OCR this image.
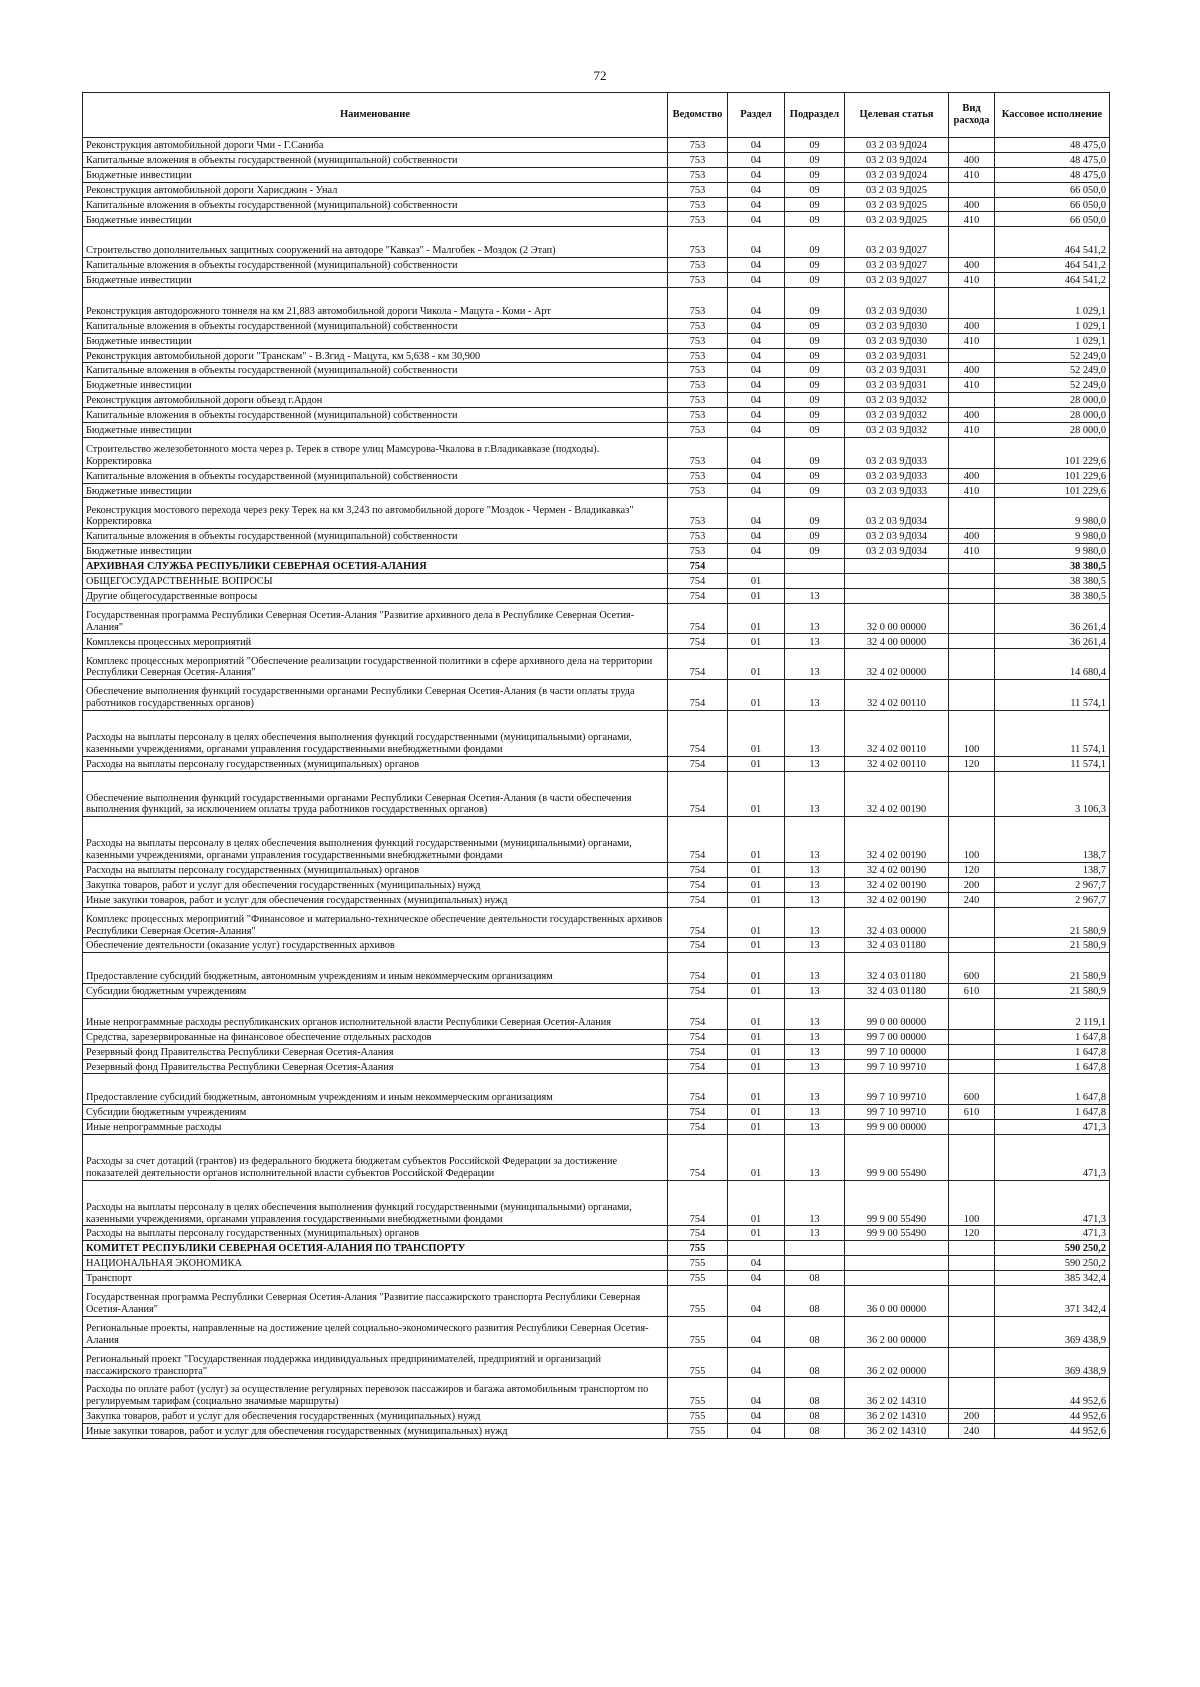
72
Наименование	Ведомство	Раздел	Подраздел	Целевая статья	Вид расхода	Кассовое исполнение
Реконструкция автомобильной дороги Чми - Г.Саниба	753	04	09	03 2 03 9Д024		48 475,0
Капитальные вложения в объекты государственной (муниципальной) собственности	753	04	09	03 2 03 9Д024	400	48 475,0
Бюджетные инвестиции	753	04	09	03 2 03 9Д024	410	48 475,0
Реконструкция автомобильной дороги Харисджин - Унал	753	04	09	03 2 03 9Д025		66 050,0
Капитальные вложения в объекты государственной (муниципальной) собственности	753	04	09	03 2 03 9Д025	400	66 050,0
Бюджетные инвестиции	753	04	09	03 2 03 9Д025	410	66 050,0
Строительство дополнительных защитных сооружений на автодоре "Кавказ" - Малгобек - Моздок (2 Этап)	753	04	09	03 2 03 9Д027		464 541,2
Капитальные вложения в объекты государственной (муниципальной) собственности	753	04	09	03 2 03 9Д027	400	464 541,2
Бюджетные инвестиции	753	04	09	03 2 03 9Д027	410	464 541,2
Реконструкция автодорожного тоннеля на км 21,883 автомобильной дороги Чикола - Мацута - Коми - Арт	753	04	09	03 2 03 9Д030		1 029,1
Капитальные вложения в объекты государственной (муниципальной) собственности	753	04	09	03 2 03 9Д030	400	1 029,1
Бюджетные инвестиции	753	04	09	03 2 03 9Д030	410	1 029,1
Реконструкция автомобильной дороги "Транскам" - В.Згид - Мацута, км 5,638 - км 30,900	753	04	09	03 2 03 9Д031		52 249,0
Капитальные вложения в объекты государственной (муниципальной) собственности	753	04	09	03 2 03 9Д031	400	52 249,0
Бюджетные инвестиции	753	04	09	03 2 03 9Д031	410	52 249,0
Реконструкция автомобильной дороги объезд г.Ардон	753	04	09	03 2 03 9Д032		28 000,0
Капитальные вложения в объекты государственной (муниципальной) собственности	753	04	09	03 2 03 9Д032	400	28 000,0
Бюджетные инвестиции	753	04	09	03 2 03 9Д032	410	28 000,0
Строительство железобетонного моста через р. Терек в створе улиц Мамсурова-Чкалова в г.Владикавказе (подходы). Корректировка	753	04	09	03 2 03 9Д033		101 229,6
Капитальные вложения в объекты государственной (муниципальной) собственности	753	04	09	03 2 03 9Д033	400	101 229,6
Бюджетные инвестиции	753	04	09	03 2 03 9Д033	410	101 229,6
Реконструкция мостового перехода через реку Терек на км 3,243 по автомобильной дороге "Моздок - Чермен - Владикавказ" Корректировка	753	04	09	03 2 03 9Д034		9 980,0
Капитальные вложения в объекты государственной (муниципальной) собственности	753	04	09	03 2 03 9Д034	400	9 980,0
Бюджетные инвестиции	753	04	09	03 2 03 9Д034	410	9 980,0
АРХИВНАЯ СЛУЖБА РЕСПУБЛИКИ СЕВЕРНАЯ ОСЕТИЯ-АЛАНИЯ	754					38 380,5
ОБЩЕГОСУДАРСТВЕННЫЕ ВОПРОСЫ	754	01				38 380,5
Другие общегосударственные вопросы	754	01	13			38 380,5
Государственная программа Республики Северная Осетия-Алания "Развитие архивного дела в Республике Северная Осетия-Алания"	754	01	13	32 0 00 00000		36 261,4
Комплексы процессных мероприятий	754	01	13	32 4 00 00000		36 261,4
Комплекс процессных мероприятий "Обеспечение реализации государственной политики в сфере архивного дела на территории Республики Северная Осетия-Алания"	754	01	13	32 4 02 00000		14 680,4
Обеспечение выполнения функций государственными органами Республики Северная Осетия-Алания (в части оплаты труда работников государственных органов)	754	01	13	32 4 02 00110		11 574,1
Расходы на выплаты персоналу в целях обеспечения выполнения функций государственными (муниципальными) органами, казенными учреждениями, органами управления государственными внебюджетными фондами	754	01	13	32 4 02 00110	100	11 574,1
Расходы на выплаты персоналу государственных (муниципальных) органов	754	01	13	32 4 02 00110	120	11 574,1
Обеспечение выполнения функций государственными органами Республики Северная Осетия-Алания (в части обеспечения выполнения функций, за исключением оплаты труда работников государственных органов)	754	01	13	32 4 02 00190		3 106,3
Расходы на выплаты персоналу в целях обеспечения выполнения функций государственными (муниципальными) органами, казенными учреждениями, органами управления государственными внебюджетными фондами	754	01	13	32 4 02 00190	100	138,7
Расходы на выплаты персоналу государственных (муниципальных) органов	754	01	13	32 4 02 00190	120	138,7
Закупка товаров, работ и услуг для обеспечения государственных (муниципальных) нужд	754	01	13	32 4 02 00190	200	2 967,7
Иные закупки товаров, работ и услуг для обеспечения государственных (муниципальных) нужд	754	01	13	32 4 02 00190	240	2 967,7
Комплекс процессных мероприятий "Финансовое и материально-техническое обеспечение деятельности государственных архивов Республики Северная Осетия-Алания"	754	01	13	32 4 03 00000		21 580,9
Обеспечение деятельности (оказание услуг) государственных архивов	754	01	13	32 4 03 01180		21 580,9
Предоставление субсидий бюджетным, автономным учреждениям и иным некоммерческим организациям	754	01	13	32 4 03 01180	600	21 580,9
Субсидии бюджетным учреждениям	754	01	13	32 4 03 01180	610	21 580,9
Иные непрограммные расходы республиканских органов исполнительной власти Республики Северная Осетия-Алания	754	01	13	99 0 00 00000		2 119,1
Средства, зарезервированные на финансовое обеспечение отдельных расходов	754	01	13	99 7 00 00000		1 647,8
Резервный фонд Правительства Республики Северная Осетия-Алания	754	01	13	99 7 10 00000		1 647,8
Резервный фонд Правительства Республики Северная Осетия-Алания	754	01	13	99 7 10 99710		1 647,8
Предоставление субсидий бюджетным, автономным учреждениям и иным некоммерческим организациям	754	01	13	99 7 10 99710	600	1 647,8
Субсидии бюджетным учреждениям	754	01	13	99 7 10 99710	610	1 647,8
Иные непрограммные расходы	754	01	13	99 9 00 00000		471,3
Расходы за счет дотаций (грантов) из федерального бюджета бюджетам субъектов Российской Федерации за достижение показателей деятельности органов исполнительной власти субъектов Российской Федерации	754	01	13	99 9 00 55490		471,3
Расходы на выплаты персоналу в целях обеспечения выполнения функций государственными (муниципальными) органами, казенными учреждениями, органами управления государственными внебюджетными фондами	754	01	13	99 9 00 55490	100	471,3
Расходы на выплаты персоналу государственных (муниципальных) органов	754	01	13	99 9 00 55490	120	471,3
КОМИТЕТ РЕСПУБЛИКИ СЕВЕРНАЯ ОСЕТИЯ-АЛАНИЯ ПО ТРАНСПОРТУ	755					590 250,2
НАЦИОНАЛЬНАЯ ЭКОНОМИКА	755	04				590 250,2
Транспорт	755	04	08			385 342,4
Государственная программа Республики Северная Осетия-Алания "Развитие пассажирского транспорта Республики Северная Осетия-Алания"	755	04	08	36 0 00 00000		371 342,4
Региональные проекты, направленные на достижение целей социально-экономического развития Республики Северная Осетия-Алания	755	04	08	36 2 00 00000		369 438,9
Региональный проект "Государственная поддержка индивидуальных предпринимателей, предприятий и организаций пассажирского транспорта"	755	04	08	36 2 02 00000		369 438,9
Расходы по оплате работ (услуг) за осуществление регулярных перевозок пассажиров и багажа автомобильным транспортом по регулируемым тарифам (социально значимые маршруты)	755	04	08	36 2 02 14310		44 952,6
Закупка товаров, работ и услуг для обеспечения государственных (муниципальных) нужд	755	04	08	36 2 02 14310	200	44 952,6
Иные закупки товаров, работ и услуг для обеспечения государственных (муниципальных) нужд	755	04	08	36 2 02 14310	240	44 952,6
